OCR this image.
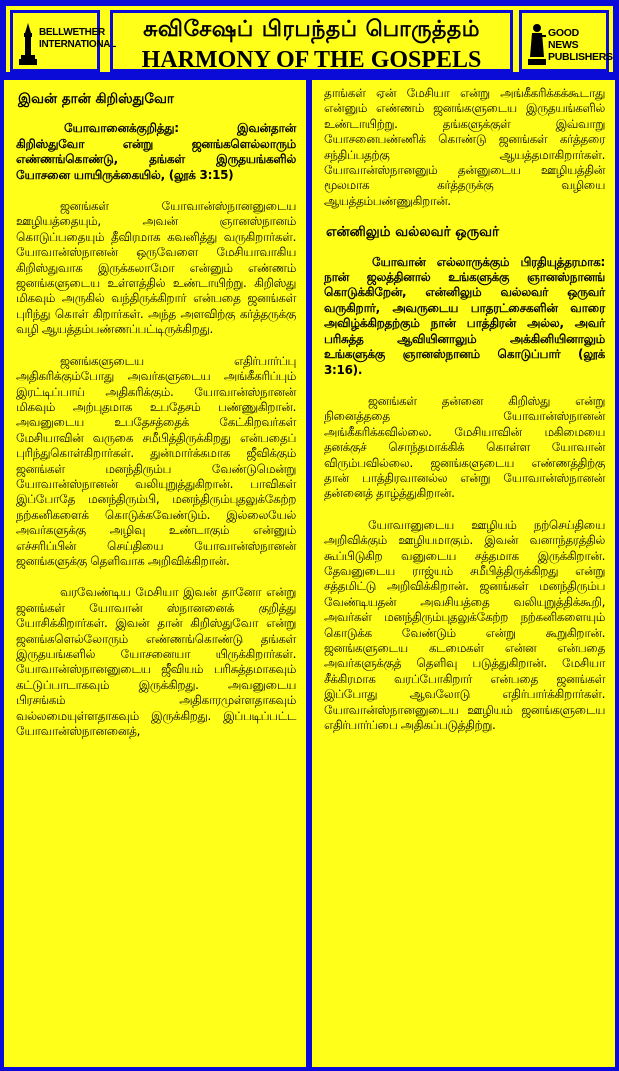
BELLWETHER INTERNATIONAL
சுவிசேஷப் பிரபந்தப் பொருத்தம்
HARMONY OF THE GOSPELS
GOOD NEWS PUBLISHERS
இவன் தான் கிறிஸ்துவோ

யோவானைக்குறித்து: இவன்தான் கிறிஸ்துவோ என்று ஜனங்களெல்லாரும் எண்ணங்கொண்டு, தங்கள் இருதயங்களில் யோசனை யாயிருக்கையில், (லூக் 3:15)

ஜனங்கள் யோவான்ஸ்நானனுடைய ஊழியத்தையும், அவன் ஞானஸ்நானம் கொடுப்பதையும் தீவிரமாக கவனித்து வருகிறார்கள். யோவான்ஸ்நானன் ஒருவேளை மேசியாவாகிய கிறிஸ்துவாக இருக்கலாமோ என்னும் எண்ணம் ஜனங்களுடைய உள்ளத்தில் உண்டாயிற்று. கிறிஸ்து மிகவும் அருகில் வந்திருக்கிறார் என்பதை ஜனங்கள் புரிந்து கொள் கிறார்கள். அந்த அளவிற்கு கர்த்தருக்கு வழி ஆயத்தம்பண்ணப்பட்டிருக்கிறது.

ஜனங்களுடைய எதிர்பார்ப்பு அதிகரிக்கும்போது அவர்களுடைய அங்கீகரிப்பும் இரட்டிப்பாய் அதிகரிக்கும். யோவான்ஸ்நானன் மிகவும் அற்புதமாக உபதேசம் பண்ணுகிறான். அவனுடைய உபதேசத்தைக் கேட்கிறவர்கள் மேசியாவின் வருகை சமீபித்திருக்கிறது என்பதைப் புரிந்துகொள்கிறார்கள். துன்மார்க்கமாக ஜீவிக்கும் ஜனங்கள் மனந்திரும்ப வேண்டுமென்று யோவான்ஸ்நானன் வலியுறுத்துகிறான். பாவிகள் இப்போதே மனந்திரும்பி, மனந்திரும்புதலுக்கேற்ற நற்கனிகளைக் கொடுக்கவேண்டும். இல்லையேல் அவர்களுக்கு அழிவு உண்டாகும் என்னும் எச்சரிப்பின் செய்தியை யோவான்ஸ்நானன் ஜனங்களுக்கு தெளிவாக அறிவிக்கிறான்.

வரவேண்டிய மேசியா இவன் தானோ என்று ஜனங்கள் யோவான் ஸ்நானனைக் குறித்து யோசிக்கிறார்கள். இவன் தான் கிறிஸ்துவோ என்று ஜனங்களெல்லோரும் எண்ணங்கொண்டு தங்கள் இருதயங்களில் யோசனையா யிருக்கிறார்கள். யோவான்ஸ்நானனுடைய ஜீவியம் பரிசுத்தமாகவும் கட்டுப்பாடாகவும் இருக்கிறது. அவனுடைய பிரசங்கம் அதிகாரமுள்ளதாகவும் வல்லமையுள்ளதாகவும் இருக்கிறது. இப்படிப்பட்ட யோவான்ஸ்நானனைத்,

தாங்கள் ஏன் மேசியா என்று அங்கீகரிக்கக்கூடாது என்னும் எண்ணம் ஜனங்களுடைய இருதயங்களில் உண்டாயிற்று. தங்களுக்குள் இவ்வாறு யோசனைபண்ணிக் கொண்டு ஜனங்கள் கர்த்தரை சந்திப்பதற்கு ஆயத்தமாகிறார்கள். யோவான்ஸ்நானனும் தன்னுடைய ஊழியத்தின் மூலமாக கர்த்தருக்கு வழியை ஆயத்தம்பண்ணுகிறான்.

என்னிலும் வல்லவர் ஒருவர்

யோவான் எல்லாருக்கும் பிரதியுத்தரமாக: நான் ஜலத்தினால் உங்களுக்கு ஞானஸ்நானங் கொடுக்கிறேன், என்னிலும் வல்லவர் ஒருவர் வருகிறார், அவருடைய பாதரட்சைகளின் வாரை அவிழ்க்கிறதற்கும் நான் பாத்திரன் அல்ல, அவர் பரிசுத்த ஆவியினாலும் அக்கினியினாலும் உங்களுக்கு ஞானஸ்நானம் கொடுப்பார் (லூக் 3:16).

ஜனங்கள் தன்னை கிறிஸ்து என்று நினைத்ததை யோவான்ஸ்நானன் அங்கீகரிக்கவில்லை. மேசியாவின் மகிமையை தனக்குச் சொந்தமாக்கிக் கொள்ள யோவான் விரும்பவில்லை. ஜனங்களுடைய எண்ணத்திற்கு தான் பாத்திரவானல்ல என்று யோவான்ஸ்நானன் தன்னைத் தாழ்த்துகிறான்.

யோவானுடைய ஊழியம் நற்செய்தியை அறிவிக்கும் ஊழியமாகும். இவன் வனாந்தரத்தில் கூப்பிடுகிற வனுடைய சத்தமாக இருக்கிறான். தேவனுடைய ராஜ்யம் சமீபித்திருக்கிறது என்று சத்தமிட்டு அறிவிக்கிறான். ஜனங்கள் மனந்திரும்ப வேண்டியதன் அவசியத்தை வலியுறுத்திக்கூறி, அவர்கள் மனந்திரும்புதலுக்கேற்ற நற்கனிகளையும் கொடுக்க வேண்டும் என்று கூறுகிறான். ஜனங்களுடைய கடமைகள் என்ன என்பதை அவர்களுக்குத் தெளிவு படுத்துகிறான். மேசியா சீக்கிரமாக வரப்போகிறார் என்பதை ஜனங்கள் இப்போது ஆவலோடு எதிர்பார்க்கிறார்கள். யோவான்ஸ்நானனுடைய ஊழியம் ஜனங்களுடைய எதிர்பார்ப்பை அதிகப்படுத்திற்று.
